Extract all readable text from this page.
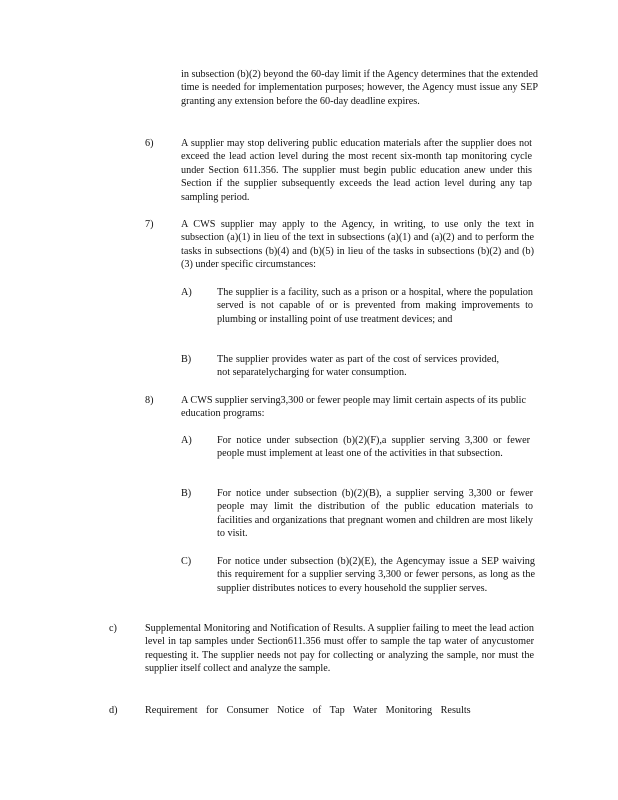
in subsection (b)(2) beyond the 60-day limit if the Agency determines that the extended time is needed for implementation purposes; however, the Agency must issue any SEP granting any extension before the 60-day deadline expires.
6)	A supplier may stop delivering public education materials after the supplier does not exceed the lead action level during the most recent six-month tap monitoring cycle under Section 611.356. The supplier must begin public education anew under this Section if the supplier subsequently exceeds the lead action level during any tap sampling period.
7)	A CWS supplier may apply to the Agency, in writing, to use only the text in subsection (a)(1) in lieu of the text in subsections (a)(1) and (a)(2) and to perform the tasks in subsections (b)(4) and (b)(5) in lieu of the tasks in subsections (b)(2) and (b)(3) under specific circumstances:
A) The supplier is a facility, such as a prison or a hospital, where the population served is not capable of or is prevented from making improvements to plumbing or installing point of use treatment devices; and
B)	The supplier provides water as part of the cost of services provided, not separatelycharging for water consumption.
8)	A CWS supplier serving3,300 or fewer people may limit certain aspects of its public education programs:
A) For notice under subsection (b)(2)(F),a supplier serving 3,300 or fewer people must implement at least one of the activities in that subsection.
B)	For notice under subsection (b)(2)(B), a supplier serving 3,300 or fewer people may limit the distribution of the public education materials to facilities and organizations that pregnant women and children are most likely to visit.
C)	For notice under subsection (b)(2)(E), the Agencymay issue a SEP waiving this requirement for a supplier serving 3,300 or fewer persons, as long as the supplier distributes notices to every household the supplier serves.
c)	Supplemental Monitoring and Notification of Results. A supplier failing to meet the lead action level in tap samples under Section611.356 must offer to sample the tap water of anycustomer requesting it. The supplier needs not pay for collecting or analyzing the sample, nor must the supplier itself collect and analyze the sample.
d)	Requirement for Consumer Notice of Tap Water Monitoring Results
